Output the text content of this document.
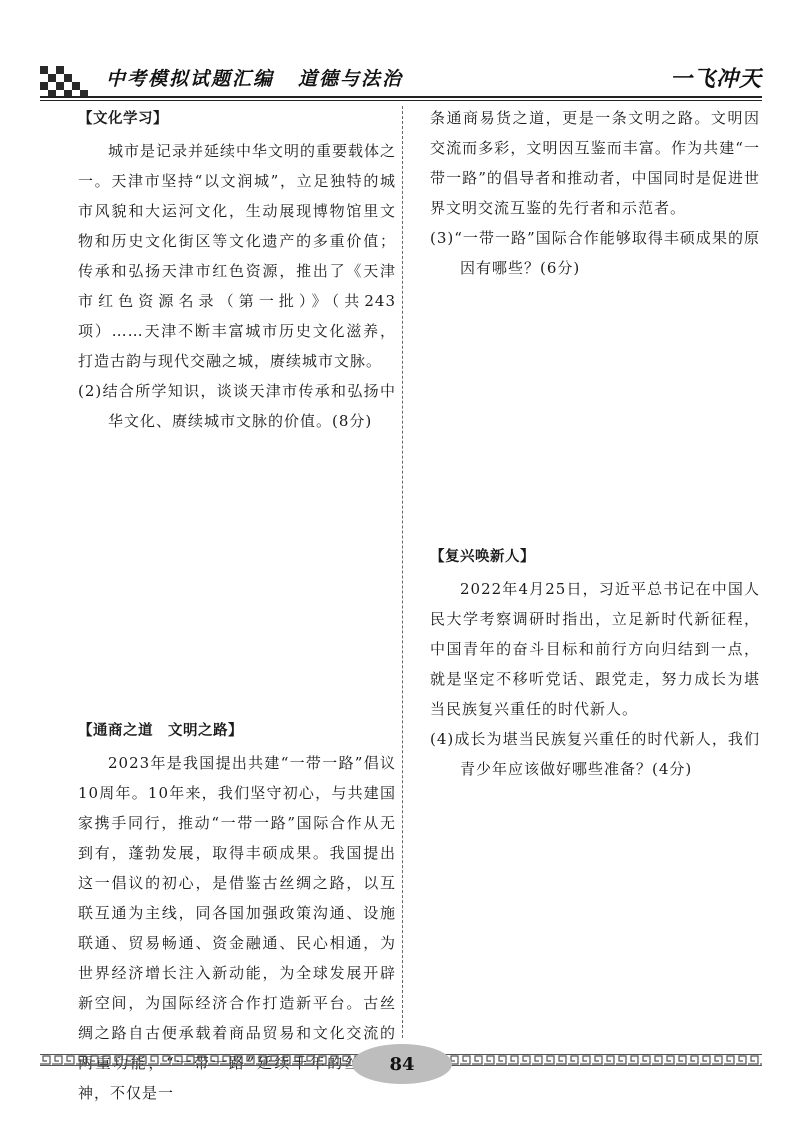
中考模拟试题汇编 道德与法治	一飞冲天
【文化学习】

城市是记录并延续中华文明的重要载体之一。天津市坚持“以文润城”，立足独特的城市风貌和大运河文化，生动展现博物馆里文物和历史文化街区等文化遗产的多重价值；传承和弘扬天津市红色资源，推出了《天津市红色资源名录（第一批）》（共243项）……天津不断丰富城市历史文化滋养，打造古韵与现代交融之城，赓续城市文脉。

(2)结合所学知识，谈谈天津市传承和弘扬中华文化、赓续城市文脉的价值。(8分)

【通商之道　文明之路】

2023年是我国提出共建“一带一路”倡议10周年。10年来，我们坚守初心，与共建国家携手同行，推动“一带一路”国际合作从无到有，蓬勃发展，取得丰硕成果。我国提出这一倡议的初心，是借鉴古丝绸之路，以互联互通为主线，同各国加强政策沟通、设施联通、贸易畅通、资金融通、民心相通，为世界经济增长注入新动能，为全球发展开辟新空间，为国际经济合作打造新平台。古丝绸之路自古便承载着商品贸易和文化交流的 神，不仅是一

条通商易货之道，更是一条文明之路。文明因交流而多彩，文明因互鉴而丰富。作为共建“一带一路”的倡导者和推动者，中国同时是促进世界文明交流互鉴的先行者和示范者。

(3)“一带一路”国际合作能够取得丰硕成果的原因有哪些？(6分)

【复兴唤新人】

2022年4月25日，习近平总书记在中国人民大学考察调研时指出，立足新时代新征程，中国青年的奋斗目标和前行方向归结到一点，就是坚定不移听党话、跟党走，努力成长为堪当民族复兴重任的时代新人。

(4)成长为堪当民族复兴重任的时代新人，我们青少年应该做好哪些准备？(4分)

84
